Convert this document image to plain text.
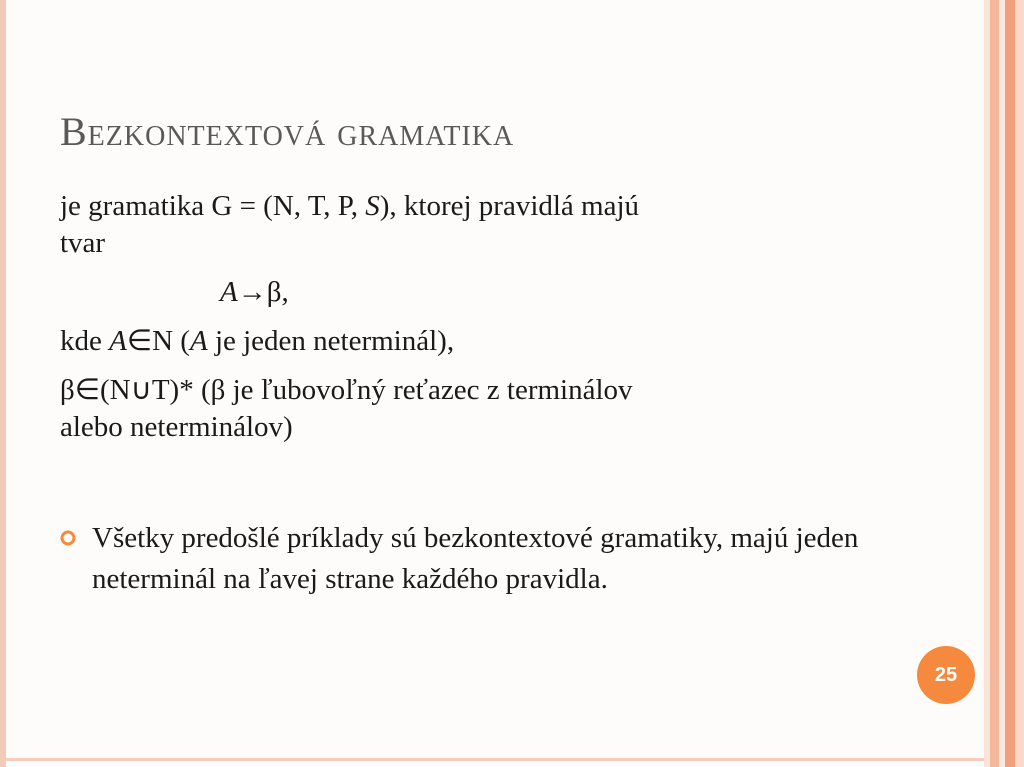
Bezkontextová gramatika

je gramatika G = (N, T, P, S), ktorej pravidlá majú

tvar

A→β,

kde A∈N (A je jeden neterminál),

β∈(N∪T)* (β je ľubovoľný reťazec z terminálov

alebo neterminálov)

Všetky predošlé príklady sú bezkontextové gramatiky, majú jeden neterminál na ľavej strane každého pravidla.
25
